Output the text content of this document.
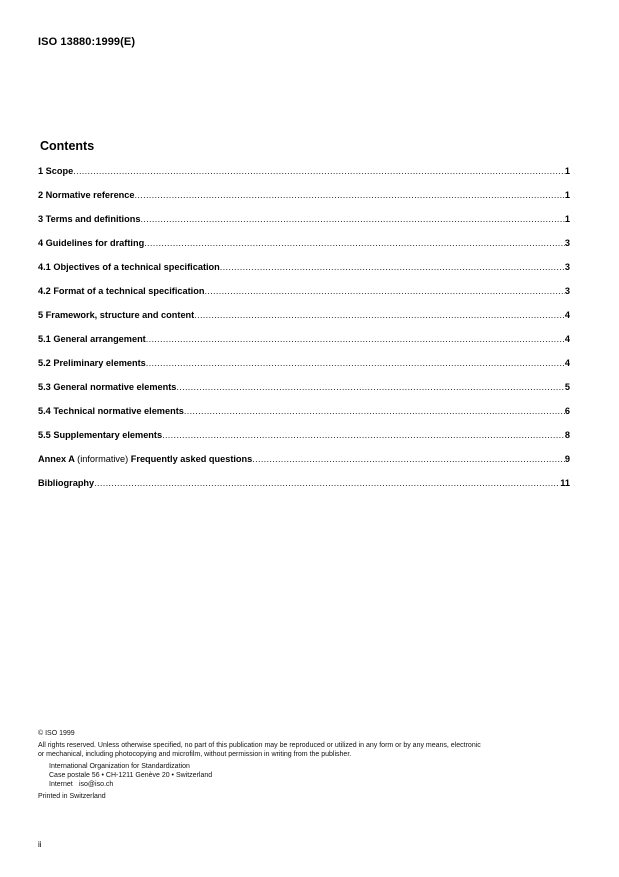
ISO 13880:1999(E)
Contents
1 Scope .....	1
2 Normative reference .....	1
3 Terms and definitions .....	1
4 Guidelines for drafting .....	3
4.1 Objectives of a technical specification .....	3
4.2 Format of a technical specification .....	3
5 Framework, structure and content .....	4
5.1 General arrangement .....	4
5.2 Preliminary elements .....	4
5.3 General normative elements .....	5
5.4 Technical normative elements .....	6
5.5 Supplementary elements .....	8
Annex A (informative) Frequently asked questions .....	9
Bibliography .....	11
© ISO 1999
All rights reserved. Unless otherwise specified, no part of this publication may be reproduced or utilized in any form or by any means, electronic
or mechanical, including photocopying and microfilm, without permission in writing from the publisher.
International Organization for Standardization
Case postale 56 • CH-1211 Genève 20 • Switzerland
Internet iso@iso.ch
Printed in Switzerland
ii
